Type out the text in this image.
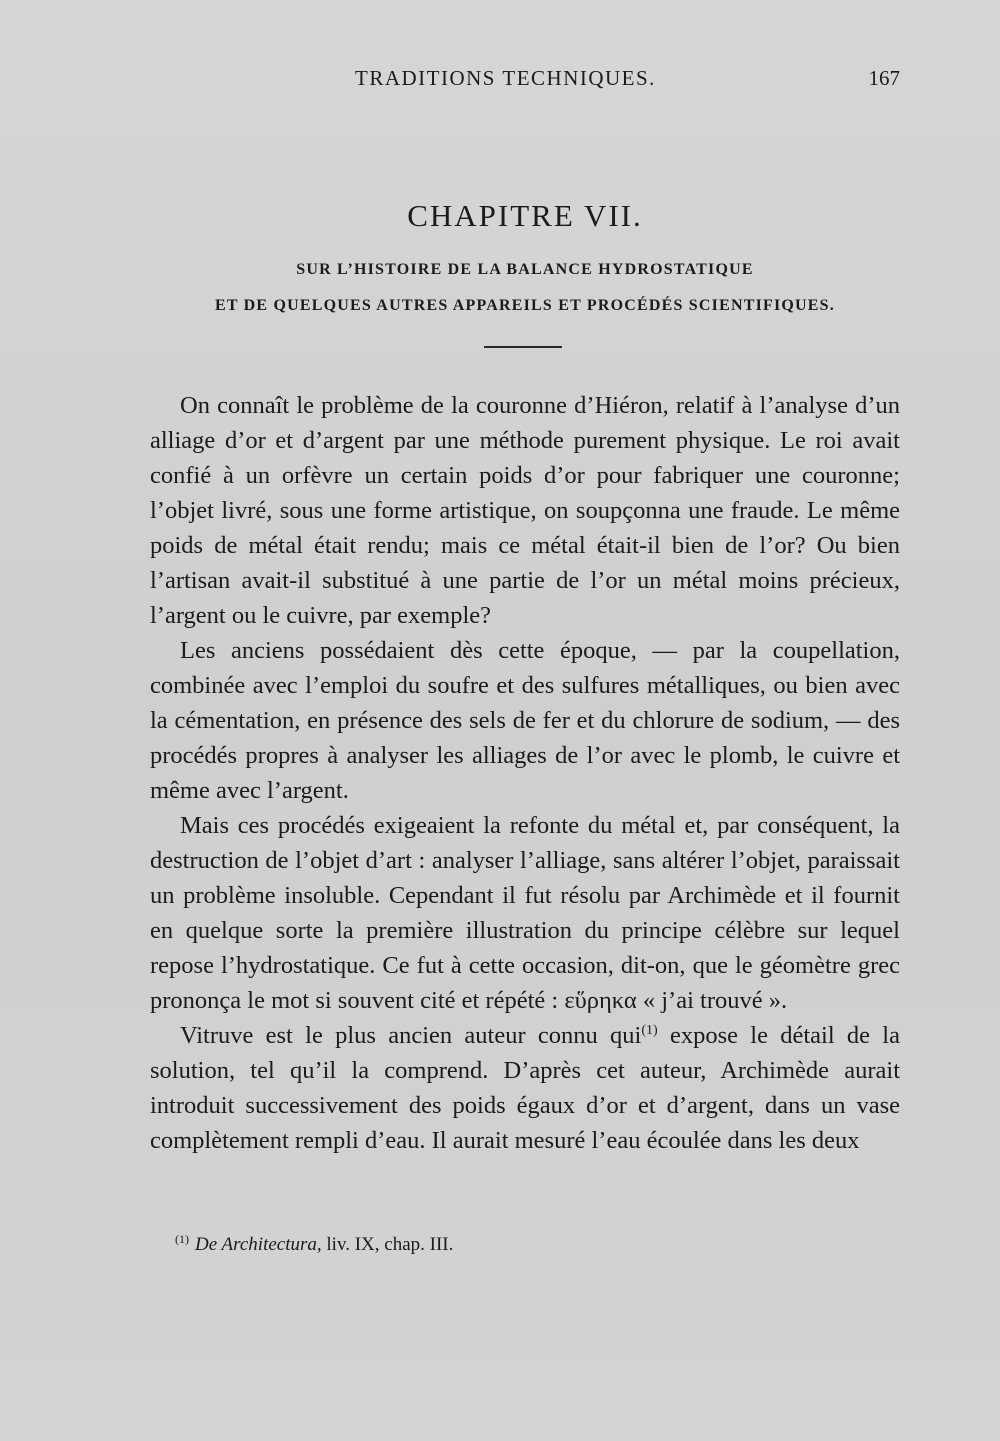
TRADITIONS TECHNIQUES.	167
CHAPITRE VII.
SUR L’HISTOIRE DE LA BALANCE HYDROSTATIQUE
ET DE QUELQUES AUTRES APPAREILS ET PROCÉDÉS SCIENTIFIQUES.

On connaît le problème de la couronne d’Hiéron, relatif à l’analyse d’un alliage d’or et d’argent par une méthode purement physique. Le roi avait confié à un orfèvre un certain poids d’or pour fabriquer une couronne; l’objet livré, sous une forme artistique, on soupçonna une fraude. Le même poids de métal était rendu; mais ce métal était-il bien de l’or? Ou bien l’artisan avait-il substitué à une partie de l’or un métal moins précieux, l’argent ou le cuivre, par exemple?

Les anciens possédaient dès cette époque, — par la coupellation, combinée avec l’emploi du soufre et des sulfures métalliques, ou bien avec la cémentation, en présence des sels de fer et du chlorure de sodium, — des procédés propres à analyser les alliages de l’or avec le plomb, le cuivre et même avec l’argent.

Mais ces procédés exigeaient la refonte du métal et, par conséquent, la destruction de l’objet d’art : analyser l’alliage, sans altérer l’objet, paraissait un problème insoluble. Cependant il fut résolu par Archimède et il fournit en quelque sorte la première illustration du principe célèbre sur lequel repose l’hydrostatique. Ce fut à cette occasion, dit-on, que le géomètre grec prononça le mot si souvent cité et répété : εὕρηκα « j’ai trouvé ».

Vitruve est le plus ancien auteur connu qui$^{(1)}$ expose le détail de la solution, tel qu’il la comprend. D’après cet auteur, Archimède aurait introduit successivement des poids égaux d’or et d’argent, dans un vase complètement rempli d’eau. Il aurait mesuré l’eau écoulée dans les deux

$^{(1)}$ De Architectura, liv. IX, chap. III.
